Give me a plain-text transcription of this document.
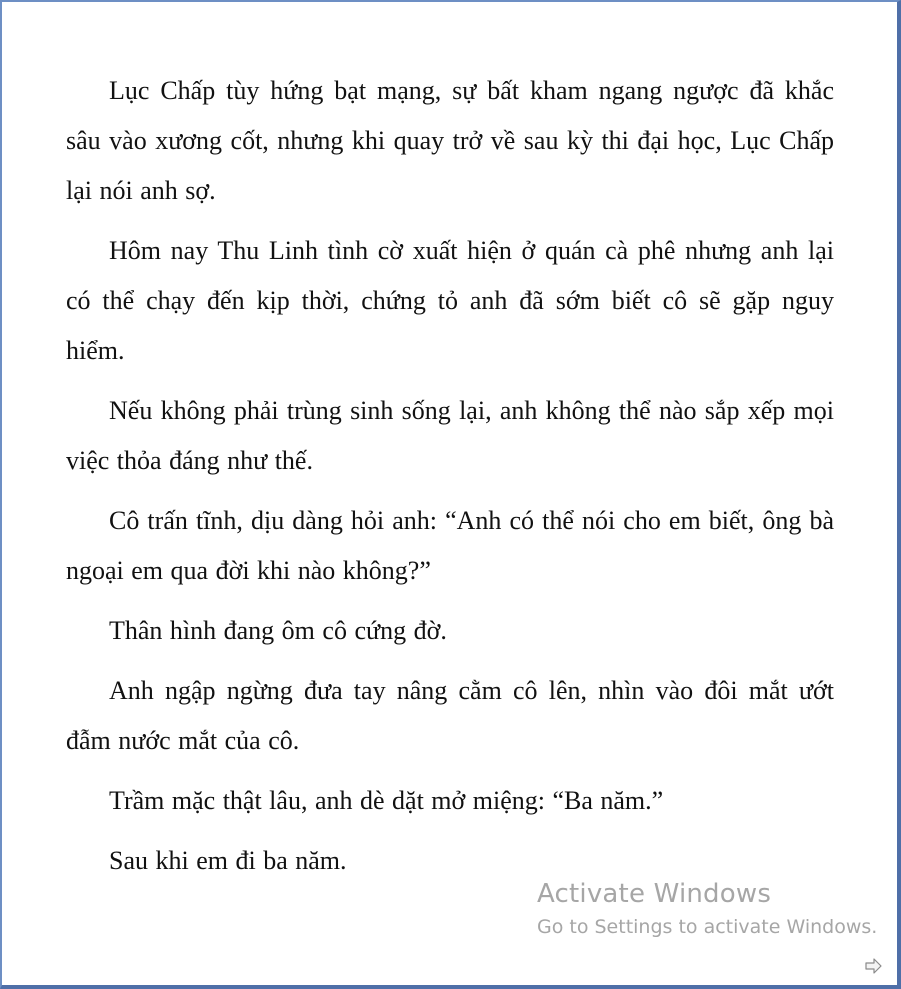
Lục Chấp tùy hứng bạt mạng, sự bất kham ngang ngược đã khắc sâu vào xương cốt, nhưng khi quay trở về sau kỳ thi đại học, Lục Chấp lại nói anh sợ.

Hôm nay Thu Linh tình cờ xuất hiện ở quán cà phê nhưng anh lại có thể chạy đến kịp thời, chứng tỏ anh đã sớm biết cô sẽ gặp nguy hiểm.

Nếu không phải trùng sinh sống lại, anh không thể nào sắp xếp mọi việc thỏa đáng như thế.

Cô trấn tĩnh, dịu dàng hỏi anh: “Anh có thể nói cho em biết, ông bà ngoại em qua đời khi nào không?”

Thân hình đang ôm cô cứng đờ.

Anh ngập ngừng đưa tay nâng cằm cô lên, nhìn vào đôi mắt ướt đẫm nước mắt của cô.

Trầm mặc thật lâu, anh dè dặt mở miệng: “Ba năm.”

Sau khi em đi ba năm.

Activate Windows
Go to Settings to activate Windows.
